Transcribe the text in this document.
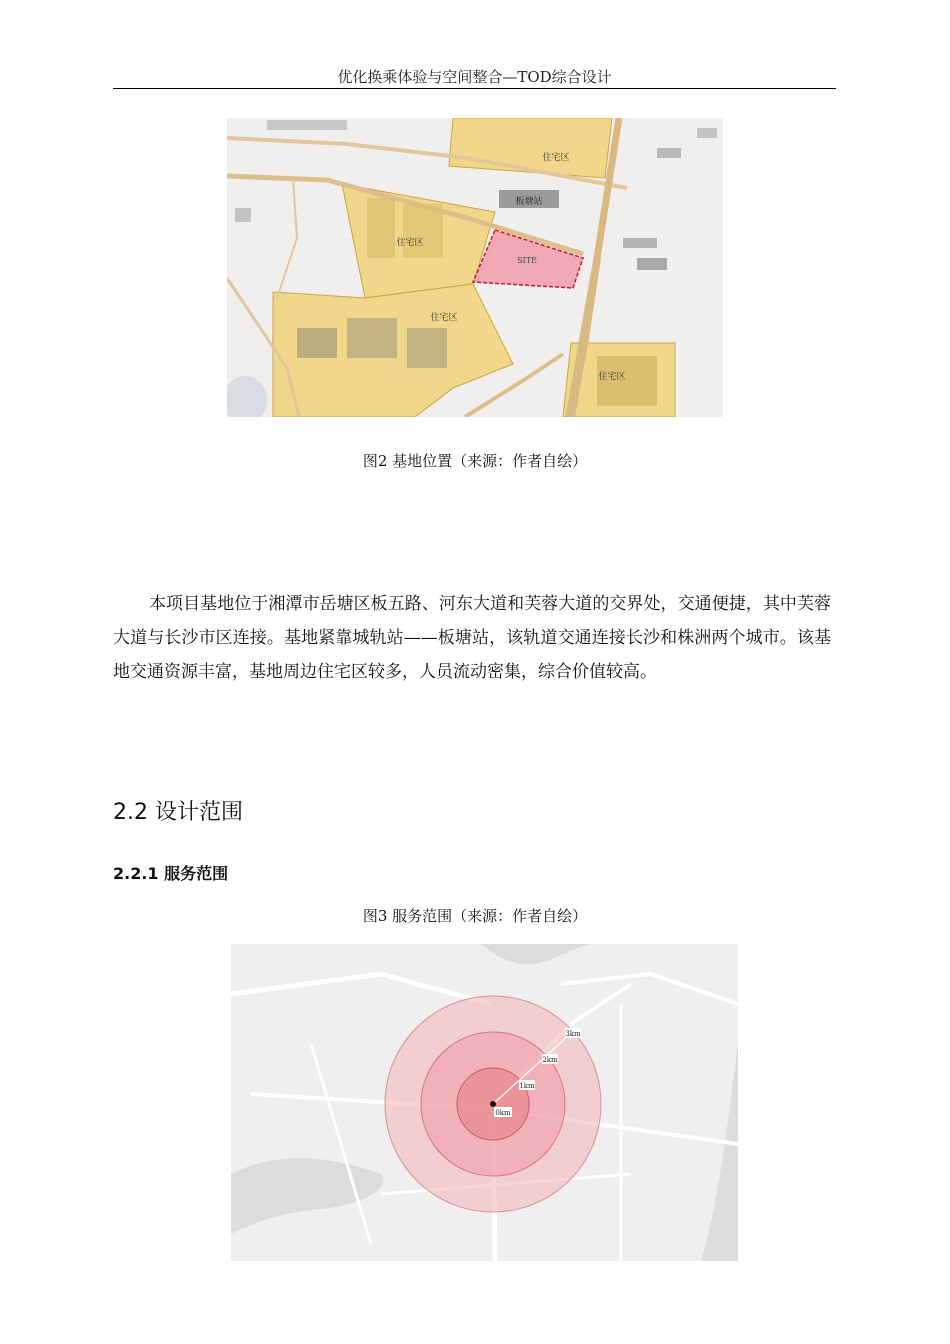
优化换乘体验与空间整合—TOD综合设计
住宅区
住宅区
住宅区
住宅区
板塘站
SITE
图2 基地位置（来源：作者自绘）

本项目基地位于湘潭市岳塘区板五路、河东大道和芙蓉大道的交界处，交通便捷，其中芙蓉大道与长沙市区连接。基地紧靠城轨站——板塘站，该轨道交通连接长沙和株洲两个城市。该基地交通资源丰富，基地周边住宅区较多，人员流动密集，综合价值较高。

2.2 设计范围
2.2.1 服务范围
图3 服务范围（来源：作者自绘）
0km
1km
2km
3km
